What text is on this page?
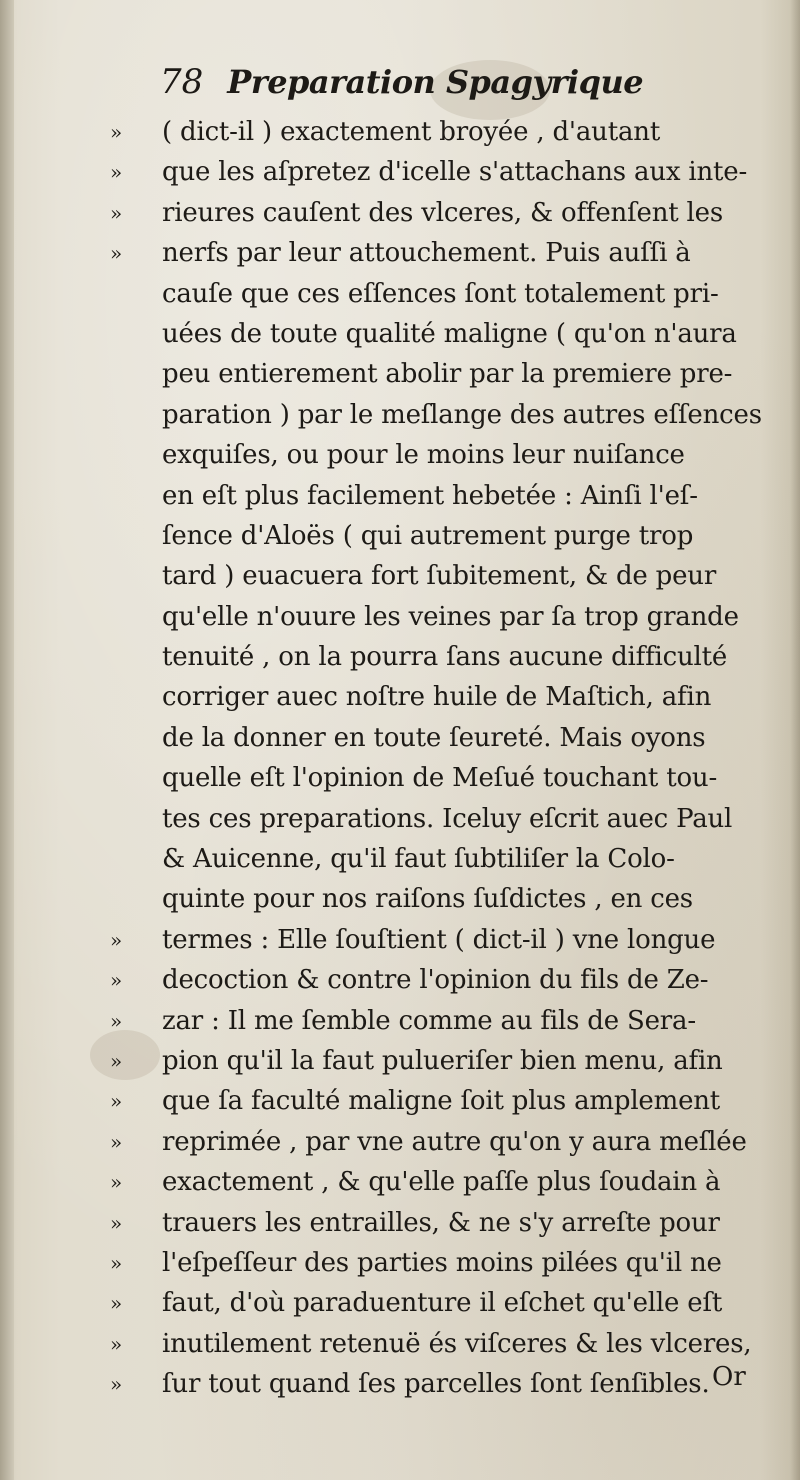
78 Preparation Spagyrique
»	( dict-il ) exactement broyée , d'autant
»	que les aſpretez d'icelle s'attachans aux inte-
»	rieures cauſent des vlceres, & offenſent les
»	nerfs par leur attouchement. Puis auſſi à
cauſe que ces eſſences ſont totalement pri-
uées de toute qualité maligne ( qu'on n'aura
peu entierement abolir par la premiere pre-
paration ) par le meſlange des autres eſſences
exquiſes, ou pour le moins leur nuiſance
en eſt plus facilement hebetée : Ainſi l'eſ-
ſence d'Aloës ( qui autrement purge trop
tard ) euacuera fort ſubitement, & de peur
qu'elle n'ouure les veines par ſa trop grande
tenuité , on la pourra ſans aucune difficulté
corriger auec noſtre huile de Maſtich, afin
de la donner en toute ſeureté. Mais oyons
quelle eſt l'opinion de Meſué touchant tou-
tes ces preparations. Iceluy eſcrit auec Paul
& Auicenne, qu'il faut ſubtiliſer la Colo-
quinte pour nos raiſons ſuſdictes , en ces
»	termes : Elle ſouſtient ( dict-il ) vne longue
»	decoction & contre l'opinion du fils de Ze-
»	zar : Il me ſemble comme au fils de Sera-
»	pion qu'il la faut pulueriſer bien menu, afin
»	que ſa faculté maligne ſoit plus amplement
»	reprimée , par vne autre qu'on y aura meſlée
»	exactement , & qu'elle paſſe plus ſoudain à
»	trauers les entrailles, & ne s'y arreſte pour
»	l'eſpeſſeur des parties moins pilées qu'il ne
»	faut, d'où paraduenture il eſchet qu'elle eſt
»	inutilement retenuë és viſceres & les vlceres,
»	ſur tout quand ſes parcelles ſont ſenſibles. Or
